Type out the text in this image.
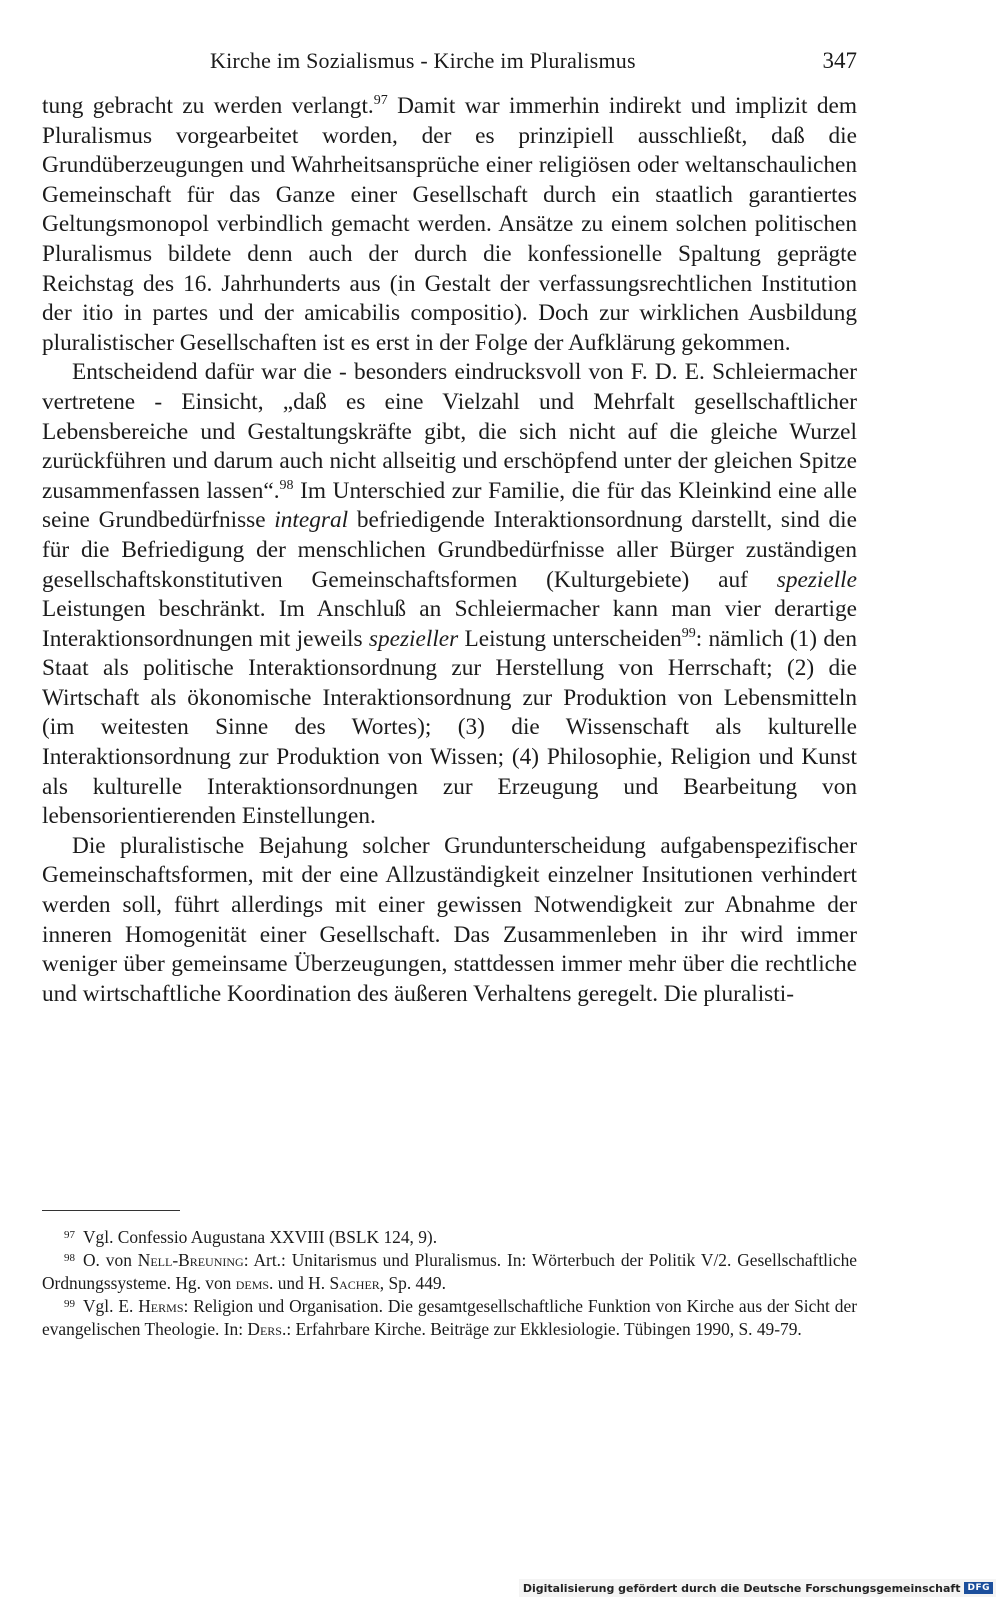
Kirche im Sozialismus - Kirche im Pluralismus	347

tung gebracht zu werden verlangt.$^{97}$ Damit war immerhin indirekt und implizit dem Pluralismus vorgearbeitet worden, der es prinzipiell ausschließt, daß die Grundüberzeugungen und Wahrheitsansprüche einer religiösen oder weltanschaulichen Gemeinschaft für das Ganze einer Gesellschaft durch ein staatlich garantiertes Geltungsmonopol verbindlich gemacht werden. Ansätze zu einem solchen politischen Pluralismus bildete denn auch der durch die konfessionelle Spaltung geprägte Reichstag des 16. Jahrhunderts aus (in Gestalt der verfassungsrechtlichen Institution der itio in partes und der amicabilis compositio). Doch zur wirklichen Ausbildung pluralistischer Gesellschaften ist es erst in der Folge der Aufklärung gekommen.

Entscheidend dafür war die - besonders eindrucksvoll von F. D. E. Schleiermacher vertretene - Einsicht, „daß es eine Vielzahl und Mehrfalt gesellschaftlicher Lebensbereiche und Gestaltungskräfte gibt, die sich nicht auf die gleiche Wurzel zurückführen und darum auch nicht allseitig und erschöpfend unter der gleichen Spitze zusammenfassen lassen“.$^{98}$ Im Unterschied zur Familie, die für das Kleinkind eine alle seine Grundbedürfnisse integral befriedigende Interaktionsordnung darstellt, sind die für die Befriedigung der menschlichen Grundbedürfnisse aller Bürger zuständigen gesellschaftskonstitutiven Gemeinschaftsformen (Kulturgebiete) auf spezielle Leistungen beschränkt. Im Anschluß an Schleiermacher kann man vier derartige Interaktionsordnungen mit jeweils spezieller Leistung unterscheiden$^{99}$: nämlich (1) den Staat als politische Interaktionsordnung zur Herstellung von Herrschaft; (2) die Wirtschaft als ökonomische Interaktionsordnung zur Produktion von Lebensmitteln (im weitesten Sinne des Wortes); (3) die Wissenschaft als kulturelle Interaktionsordnung zur Produktion von Wissen; (4) Philosophie, Religion und Kunst als kulturelle Interaktionsordnungen zur Erzeugung und Bearbeitung von lebensorientierenden Einstellungen.

Die pluralistische Bejahung solcher Grundunterscheidung aufgabenspezifischer Gemeinschaftsformen, mit der eine Allzuständigkeit einzelner Insitutionen verhindert werden soll, führt allerdings mit einer gewissen Notwendigkeit zur Abnahme der inneren Homogenität einer Gesellschaft. Das Zusammenleben in ihr wird immer weniger über gemeinsame Überzeugungen, stattdessen immer mehr über die rechtliche und wirtschaftliche Koordination des äußeren Verhaltens geregelt. Die pluralisti-

$^{97}$ Vgl. Confessio Augustana XXVIII (BSLK 124, 9).

$^{98}$ O. von Nell-Breuning: Art.: Unitarismus und Pluralismus. In: Wörterbuch der Politik V/2. Gesellschaftliche Ordnungssysteme. Hg. von dems. und H. Sacher, Sp. 449.

$^{99}$ Vgl. E. Herms: Religion und Organisation. Die gesamtgesellschaftliche Funktion von Kirche aus der Sicht der evangelischen Theologie. In: Ders.: Erfahrbare Kirche. Beiträge zur Ekklesiologie. Tübingen 1990, S. 49-79.

Digitalisierung gefördert durch die Deutsche Forschungsgemeinschaft DFG
